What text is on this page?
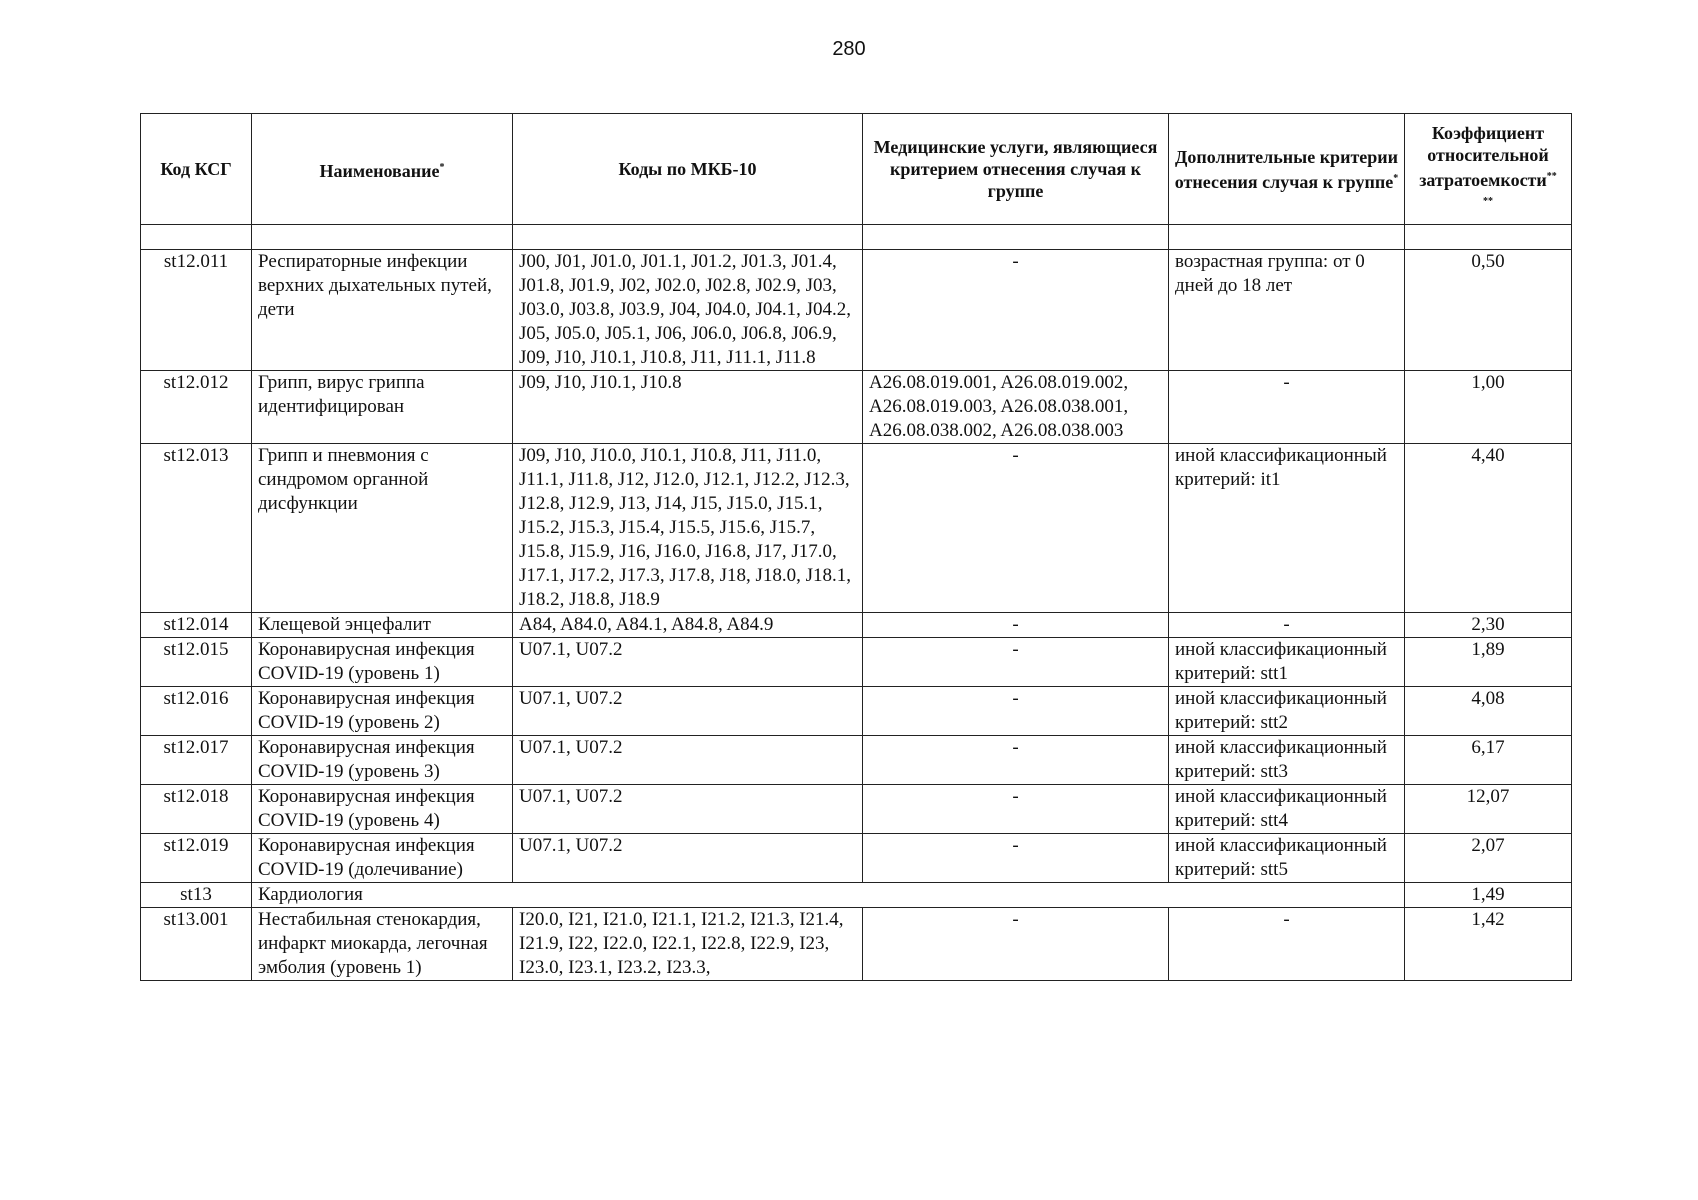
280
Код КСГ	Наименование*	Коды по МКБ-10	Медицинские услуги, являющиеся критерием отнесения случая к группе	Дополнительные критерии отнесения случая к группе*	Коэффициент относительной затратоемкости**
**

st12.011	Респираторные инфекции верхних дыхательных путей, дети	J00, J01, J01.0, J01.1, J01.2, J01.3, J01.4, J01.8, J01.9, J02, J02.0, J02.8, J02.9, J03, J03.0, J03.8, J03.9, J04, J04.0, J04.1, J04.2, J05, J05.0, J05.1, J06, J06.0, J06.8, J06.9, J09, J10, J10.1, J10.8, J11, J11.1, J11.8	-	возрастная группа: от 0 дней до 18 лет	0,50
st12.012	Грипп, вирус гриппа идентифицирован	J09, J10, J10.1, J10.8	A26.08.019.001, A26.08.019.002, A26.08.019.003, A26.08.038.001, A26.08.038.002, A26.08.038.003	-	1,00
st12.013	Грипп и пневмония с синдромом органной дисфункции	J09, J10, J10.0, J10.1, J10.8, J11, J11.0, J11.1, J11.8, J12, J12.0, J12.1, J12.2, J12.3, J12.8, J12.9, J13, J14, J15, J15.0, J15.1, J15.2, J15.3, J15.4, J15.5, J15.6, J15.7, J15.8, J15.9, J16, J16.0, J16.8, J17, J17.0, J17.1, J17.2, J17.3, J17.8, J18, J18.0, J18.1, J18.2, J18.8, J18.9	-	иной классификационный критерий: it1	4,40
st12.014	Клещевой энцефалит	A84, A84.0, A84.1, A84.8, A84.9	-	-	2,30
st12.015	Коронавирусная инфекция COVID-19 (уровень 1)	U07.1, U07.2	-	иной классификационный критерий: stt1	1,89
st12.016	Коронавирусная инфекция COVID-19 (уровень 2)	U07.1, U07.2	-	иной классификационный критерий: stt2	4,08
st12.017	Коронавирусная инфекция COVID-19 (уровень 3)	U07.1, U07.2	-	иной классификационный критерий: stt3	6,17
st12.018	Коронавирусная инфекция COVID-19 (уровень 4)	U07.1, U07.2	-	иной классификационный критерий: stt4	12,07
st12.019	Коронавирусная инфекция COVID-19 (долечивание)	U07.1, U07.2	-	иной классификационный критерий: stt5	2,07
st13	Кардиология				1,49
st13.001	Нестабильная стенокардия, инфаркт миокарда, легочная эмболия (уровень 1)	I20.0, I21, I21.0, I21.1, I21.2, I21.3, I21.4, I21.9, I22, I22.0, I22.1, I22.8, I22.9, I23, I23.0, I23.1, I23.2, I23.3,	-	-	1,42
